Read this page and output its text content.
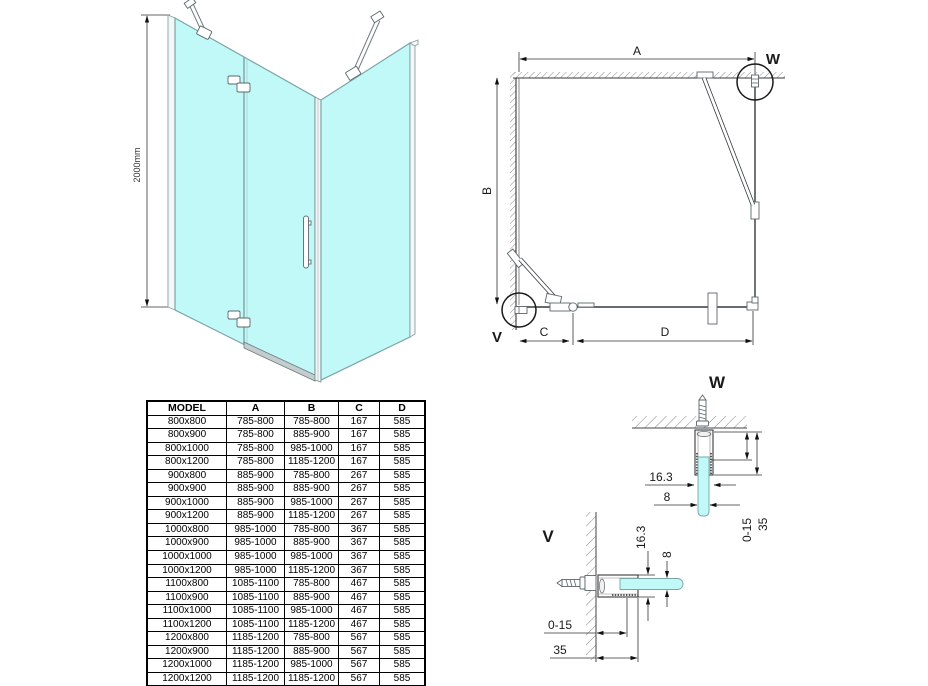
2000mm
A
B
W
V	C	D
MODEL	A	B	C	D
800x800	785-800	785-800	167	585
800x900	785-800	885-900	167	585
800x1000	785-800	985-1000	167	585
800x1200	785-800	1185-1200	167	585
900x800	885-900	785-800	267	585
900x900	885-900	885-900	267	585
900x1000	885-900	985-1000	267	585
900x1200	885-900	1185-1200	267	585
1000x800	985-1000	785-800	367	585
1000x900	985-1000	885-900	367	585
1000x1000	985-1000	985-1000	367	585
1000x1200	985-1000	1185-1200	367	585
1100x800	1085-1100	785-800	467	585
1100x900	1085-1100	885-900	467	585
1100x1000	1085-1100	985-1000	467	585
1100x1200	1085-1100	1185-1200	467	585
1200x800	1185-1200	785-800	567	585
1200x900	1185-1200	885-900	567	585
1200x1000	1185-1200	985-1000	567	585
1200x1200	1185-1200	1185-1200	567	585
W
16.3
8
0-15 35
V	16.3
8
0-15
35
